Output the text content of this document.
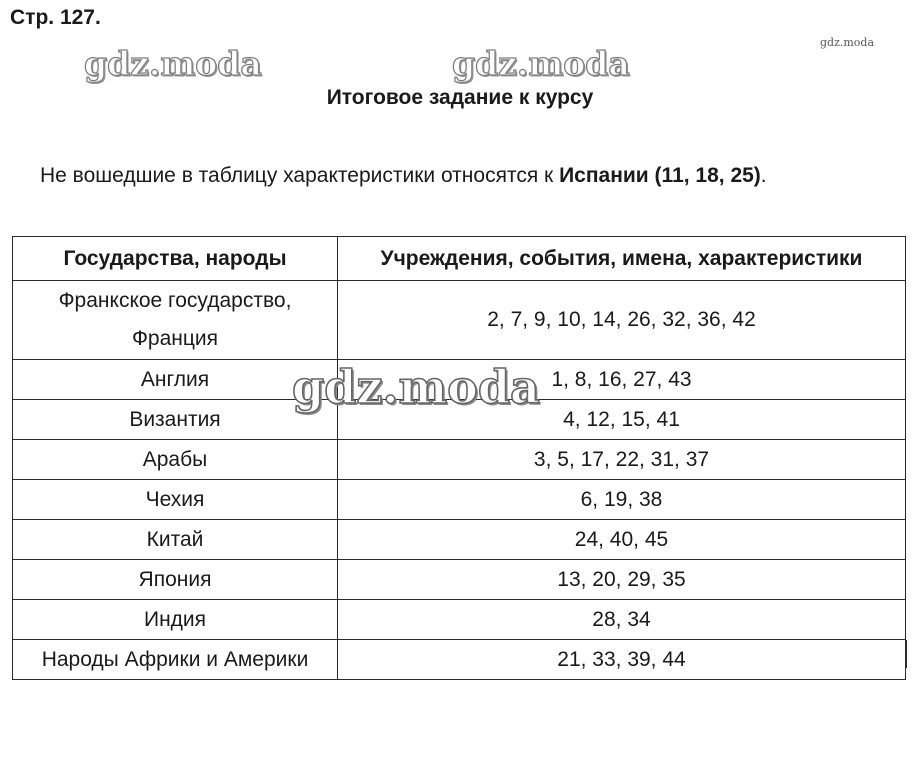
Стр. 127.
gdz.moda	gdz.moda
gdz.moda
Итоговое задание к курсу
Не вошедшие в таблицу характеристики относятся к Испании (11, 18, 25).
Государства, народы	Учреждения, события, имена, характеристики
Франкское государство,
Франция	2, 7, 9, 10, 14, 26, 32, 36, 42
Англия	1, 8, 16, 27, 43
Византия	4, 12, 15, 41
Арабы	3, 5, 17, 22, 31, 37
Чехия	6, 19, 38
Китай	24, 40, 45
Япония	13, 20, 29, 35
Индия	28, 34
Народы Африки и Америки	21, 33, 39, 44
gdz.moda
